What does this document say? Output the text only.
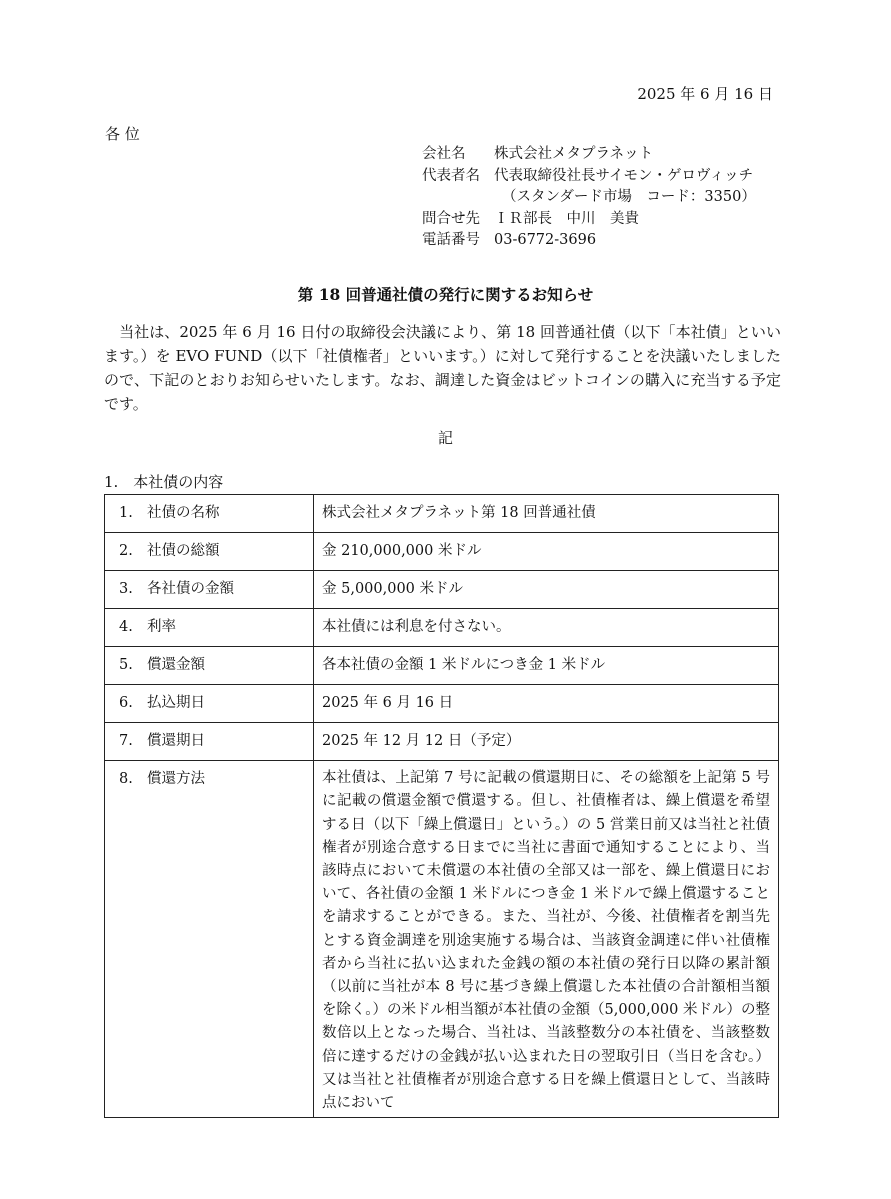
2025 年 6 月 16 日
各 位
会社名	株式会社メタプラネット
代表者名 代表取締役社長サイモン・ゲロヴィッチ
（スタンダード市場　コード：3350）
問合せ先 ＩＲ部長　中川　美貴
電話番号 03-6772-3696
第 18 回普通社債の発行に関するお知らせ
　当社は、2025 年 6 月 16 日付の取締役会決議により、第 18 回普通社債（以下「本社債」といいます。）を EVO FUND（以下「社債権者」といいます。）に対して発行することを決議いたしましたので、下記のとおりお知らせいたします。なお、調達した資金はビットコインの購入に充当する予定です。
記
1.　本社債の内容
1. 社債の名称	株式会社メタプラネット第 18 回普通社債
2. 社債の総額	金 210,000,000 米ドル
3. 各社債の金額	金 5,000,000 米ドル
4. 利率	本社債には利息を付さない。
5. 償還金額	各本社債の金額 1 米ドルにつき金 1 米ドル
6. 払込期日	2025 年 6 月 16 日
7. 償還期日	2025 年 12 月 12 日（予定）
8. 償還方法	本社債は、上記第 7 号に記載の償還期日に、その総額を上記第 5 号に記載の償還金額で償還する。但し、社債権者は、繰上償還を希望する日（以下「繰上償還日」という。）の 5 営業日前又は当社と社債権者が別途合意する日までに当社に書面で通知することにより、当該時点において未償還の本社債の全部又は一部を、繰上償還日において、各社債の金額 1 米ドルにつき金 1 米ドルで繰上償還することを請求することができる。また、当社が、今後、社債権者を割当先とする資金調達を別途実施する場合は、当該資金調達に伴い社債権者から当社に払い込まれた金銭の額の本社債の発行日以降の累計額（以前に当社が本 8 号に基づき繰上償還した本社債の合計額相当額を除く。）の米ドル相当額が本社債の金額（5,000,000 米ドル）の整数倍以上となった場合、当社は、当該整数分の本社債を、当該整数倍に達するだけの金銭が払い込まれた日の翌取引日（当日を含む。）又は当社と社債権者が別途合意する日を繰上償還日として、当該時点において
